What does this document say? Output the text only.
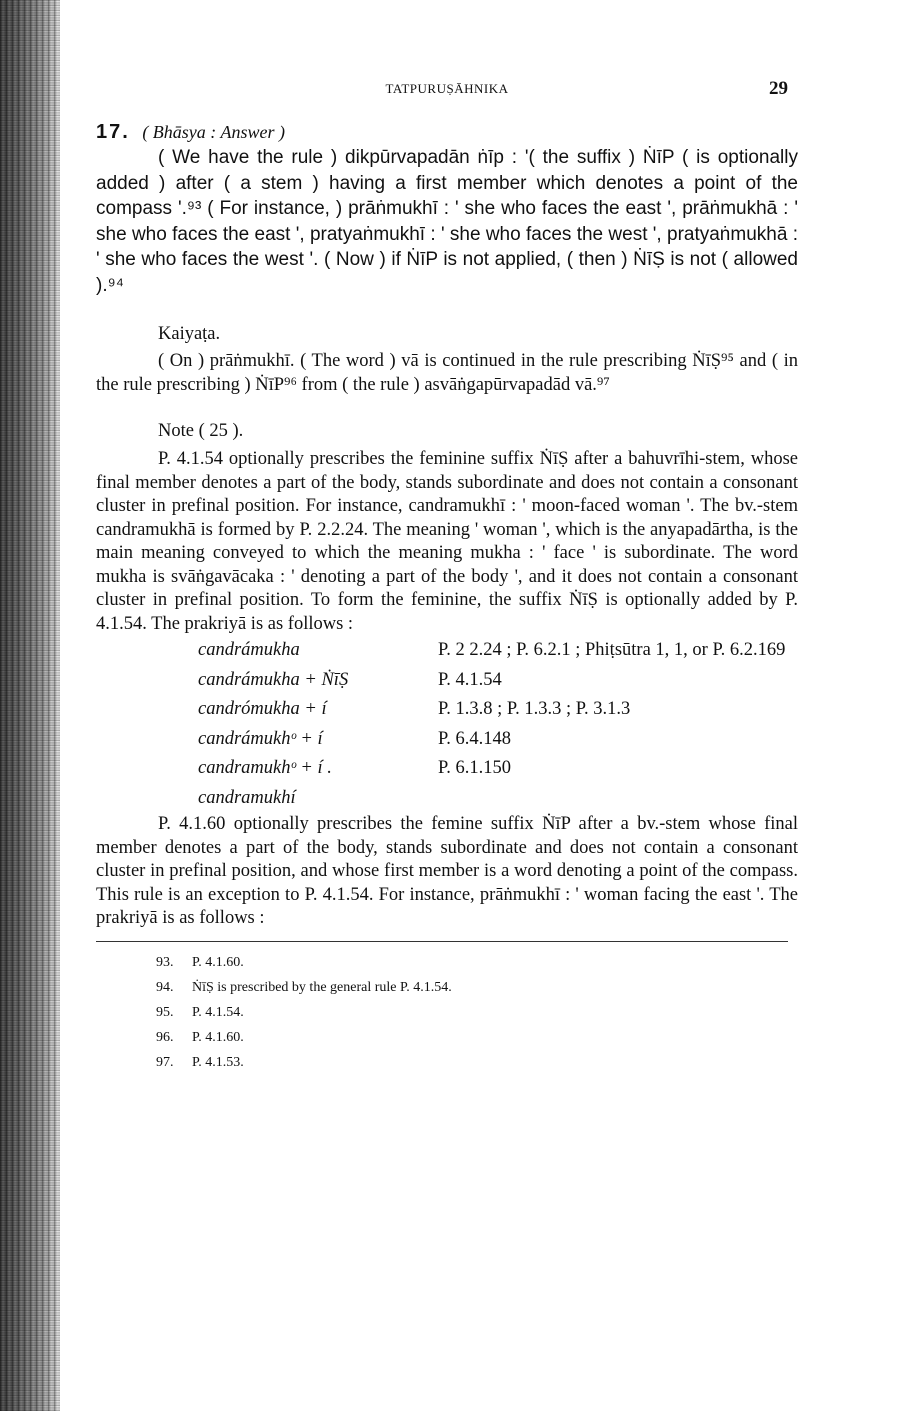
TATPURUṢĀHNIKA	29
17. ( Bhāsya : Answer )

( We have the rule ) dikpūrvapadān ṅīp : '( the suffix ) ṄīP ( is optionally added ) after ( a stem ) having a first member which denotes a point of the compass '.⁹³ ( For instance, ) prāṅmukhī : ' she who faces the east ', prāṅmukhā : ' she who faces the east ', pratyaṅmukhī : ' she who faces the west ', pratyaṅmukhā : ' she who faces the west '. ( Now ) if ṄīP is not applied, ( then ) ṄīṢ is not ( allowed ).⁹⁴

Kaiyaṭa.

( On ) prāṅmukhī. ( The word ) vā is continued in the rule prescribing ṄīṢ⁹⁵ and ( in the rule prescribing ) ṄīP⁹⁶ from ( the rule ) asvāṅgapūrvapadād vā.⁹⁷

Note ( 25 ).

P. 4.1.54 optionally prescribes the feminine suffix ṄīṢ after a bahuvrīhi-stem, whose final member denotes a part of the body, stands subordinate and does not contain a consonant cluster in prefinal position. For instance, candramukhī : ' moon-faced woman '. The bv.-stem candramukhā is formed by P. 2.2.24. The meaning ' woman ', which is the anyapadārtha, is the main meaning conveyed to which the meaning mukha : ' face ' is subordinate. The word mukha is svāṅgavācaka : ' denoting a part of the body ', and it does not contain a consonant cluster in prefinal position. To form the feminine, the suffix ṄīṢ is optionally added by P. 4.1.54. The prakriyā is as follows :

candrámukha	P. 2 2.24 ; P. 6.2.1 ; Phiṭsūtra 1, 1, or P. 6.2.169
candrámukha + ṄīṢ	P. 4.1.54
candrómukha + í	P. 1.3.8 ; P. 1.3.3 ; P. 3.1.3
candrámukhᵒ + í	P. 6.4.148
candramukhᵒ + í .	P. 6.1.150
candramukhí	

P. 4.1.60 optionally prescribes the femine suffix ṄīP after a bv.-stem whose final member denotes a part of the body, stands subordinate and does not contain a consonant cluster in prefinal position, and whose first member is a word denoting a point of the compass. This rule is an exception to P. 4.1.54. For instance, prāṅmukhī : ' woman facing the east '. The prakriyā is as follows :

93. P. 4.1.60.
94. ṄīṢ is prescribed by the general rule P. 4.1.54.
95. P. 4.1.54.
96. P. 4.1.60.
97. P. 4.1.53.
